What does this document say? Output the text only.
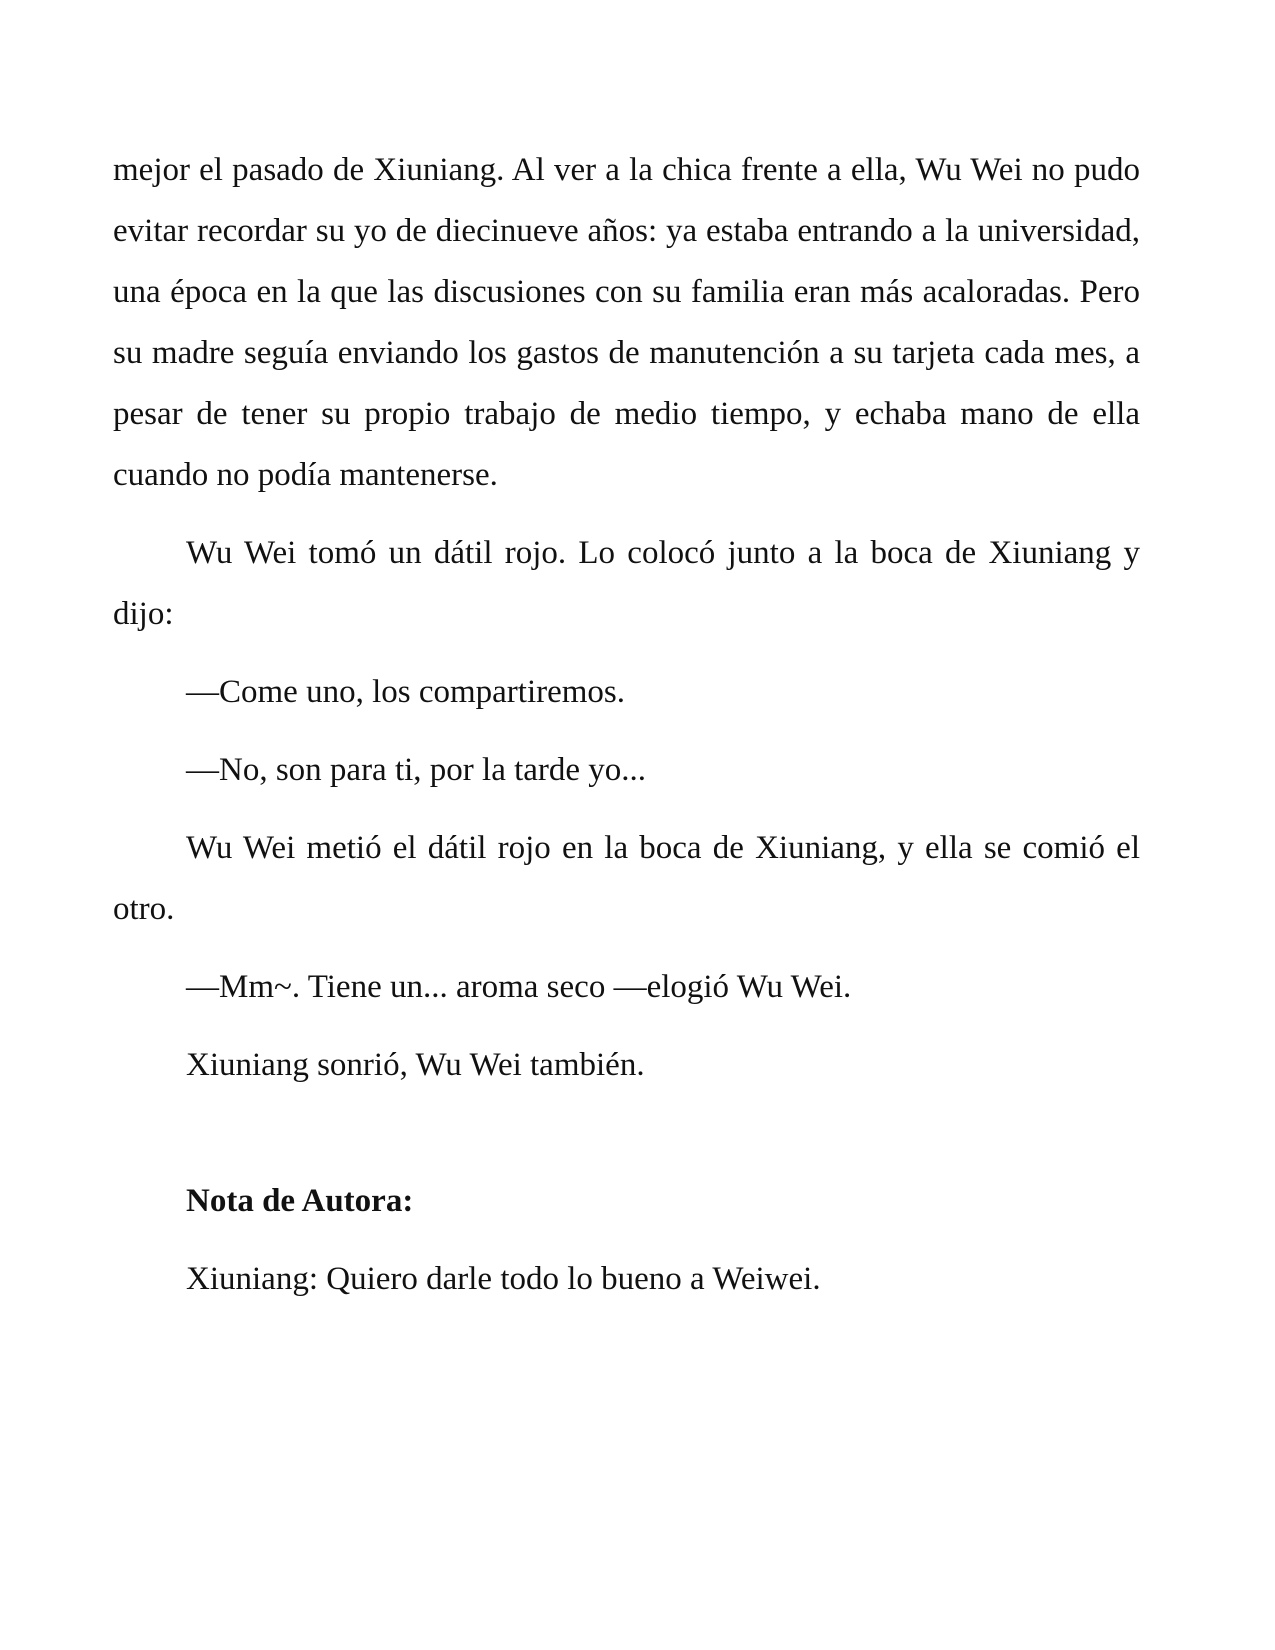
mejor el pasado de Xiuniang. Al ver a la chica frente a ella, Wu Wei no pudo evitar recordar su yo de diecinueve años: ya estaba entrando a la universidad, una época en la que las discusiones con su familia eran más acaloradas. Pero su madre seguía enviando los gastos de manutención a su tarjeta cada mes, a pesar de tener su propio trabajo de medio tiempo, y echaba mano de ella cuando no podía mantenerse.

Wu Wei tomó un dátil rojo. Lo colocó junto a la boca de Xiuniang y dijo:

—Come uno, los compartiremos.

—No, son para ti, por la tarde yo...

Wu Wei metió el dátil rojo en la boca de Xiuniang, y ella se comió el otro.

—Mm~. Tiene un... aroma seco —elogió Wu Wei.

Xiuniang sonrió, Wu Wei también.

Nota de Autora:

Xiuniang: Quiero darle todo lo bueno a Weiwei.
